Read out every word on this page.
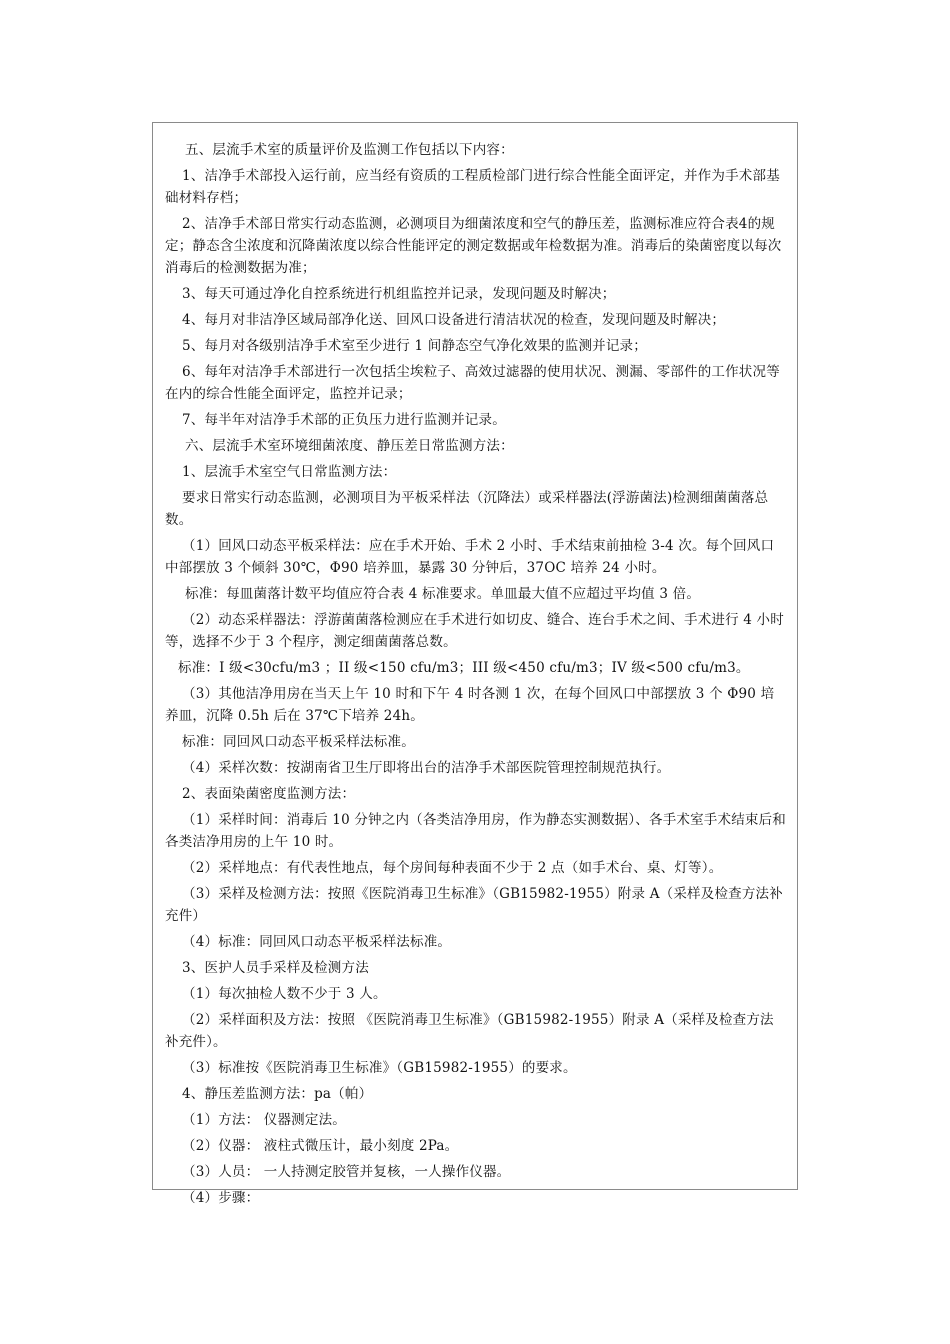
五、层流手术室的质量评价及监测工作包括以下内容：

1、洁净手术部投入运行前，应当经有资质的工程质检部门进行综合性能全面评定，并作为手术部基础材料存档；

2、洁净手术部日常实行动态监测，必测项目为细菌浓度和空气的静压差，监测标准应符合表4的规定；静态含尘浓度和沉降菌浓度以综合性能评定的测定数据或年检数据为准。消毒后的染菌密度以每次消毒后的检测数据为准；

3、每天可通过净化自控系统进行机组监控并记录，发现问题及时解决；

4、每月对非洁净区域局部净化送、回风口设备进行清洁状况的检查，发现问题及时解决；

5、每月对各级别洁净手术室至少进行 1 间静态空气净化效果的监测并记录；

6、每年对洁净手术部进行一次包括尘埃粒子、高效过滤器的使用状况、测漏、零部件的工作状况等在内的综合性能全面评定，监控并记录；

7、每半年对洁净手术部的正负压力进行监测并记录。

六、层流手术室环境细菌浓度、静压差日常监测方法：

1、层流手术室空气日常监测方法：

要求日常实行动态监测，必测项目为平板采样法（沉降法）或采样器法(浮游菌法)检测细菌菌落总数。

（1）回风口动态平板采样法：应在手术开始、手术 2 小时、手术结束前抽检 3-4 次。每个回风口中部摆放 3 个倾斜 30℃，Φ90 培养皿，暴露 30 分钟后，37OC 培养 24 小时。

标准：每皿菌落计数平均值应符合表 4 标准要求。单皿最大值不应超过平均值 3 倍。

（2）动态采样器法：浮游菌菌落检测应在手术进行如切皮、缝合、连台手术之间、手术进行 4 小时等，选择不少于 3 个程序，测定细菌菌落总数。

标准：I 级<30cfu/m3 ；II 级<150 cfu/m3；III 级<450 cfu/m3；IV 级<500 cfu/m3。

（3）其他洁净用房在当天上午 10 时和下午 4 时各测 1 次，在每个回风口中部摆放 3 个 Φ90 培养皿，沉降 0.5h 后在 37℃下培养 24h。

标准：同回风口动态平板采样法标准。

（4）采样次数：按湖南省卫生厅即将出台的洁净手术部医院管理控制规范执行。

2、表面染菌密度监测方法：

（1）采样时间：消毒后 10 分钟之内（各类洁净用房，作为静态实测数据）、各手术室手术结束后和各类洁净用房的上午 10 时。

（2）采样地点：有代表性地点，每个房间每种表面不少于 2 点（如手术台、桌、灯等）。

（3）采样及检测方法：按照《医院消毒卫生标准》（GB15982-1955）附录 A（采样及检查方法补充件）

（4）标准：同回风口动态平板采样法标准。

3、医护人员手采样及检测方法

（1）每次抽检人数不少于 3 人。

（2）采样面积及方法：按照 《医院消毒卫生标准》（GB15982-1955）附录 A（采样及检查方法补充件）。

（3）标准按《医院消毒卫生标准》（GB15982-1955）的要求。

4、静压差监测方法：pa（帕）

（1）方法： 仪器测定法。

（2）仪器： 液柱式微压计，最小刻度 2Pa。

（3）人员： 一人持测定胶管并复核，一人操作仪器。

（4）步骤：
